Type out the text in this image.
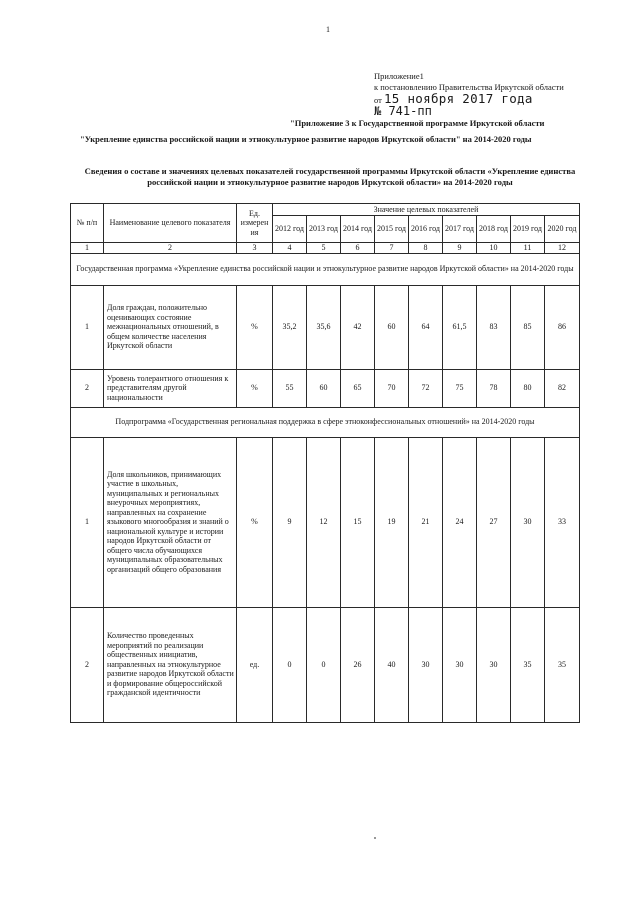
1
Приложение1
к постановлению Правительства Иркутской области
от 15 ноября 2017 года
№ 741-пп
"Приложение 3 к Государственной программе Иркутской области
"Укрепление единства российской нации и этнокультурное развитие народов Иркутской области" на 2014-2020 годы
Сведения о составе и значениях целевых показателей государственной программы Иркутской области «Укрепление единства российской нации и этнокультурное развитие народов Иркутской области» на 2014-2020 годы
№ п/п	Наименование целевого показателя	Ед. измерен ия	Значение целевых показателей								
			2012 год	2013 год	2014 год	2015 год	2016 год	2017 год	2018 год	2019 год	2020 год
1	2	3	4	5	6	7	8	9	10	11	12
Государственная программа «Укрепление единства российской нации и этнокультурное развитие народов Иркутской области» на 2014-2020 годы											
1	Доля граждан, положительно оценивающих состояние межнациональных отношений, в общем количестве населения Иркутской области	%	35,2	35,6	42	60	64	61,5	83	85	86
2	Уровень толерантного отношения к представителям другой национальности	%	55	60	65	70	72	75	78	80	82
Подпрограмма «Государственная региональная поддержка в сфере этноконфессиональных отношений» на 2014-2020 годы											
1	Доля школьников, принимающих участие в школьных, муниципальных и региональных внеурочных мероприятиях, направленных на сохранение языкового многообразия и знаний о национальной культуре и истории народов Иркутской области от общего числа обучающихся муниципальных образовательных организаций общего образования	%	9	12	15	19	21	24	27	30	33
2	Количество проведенных мероприятий по реализации общественных инициатив, направленных на этнокультурное развитие народов Иркутской области и формирование общероссийской гражданской идентичности	ед.	0	0	26	40	30	30	30	35	35
